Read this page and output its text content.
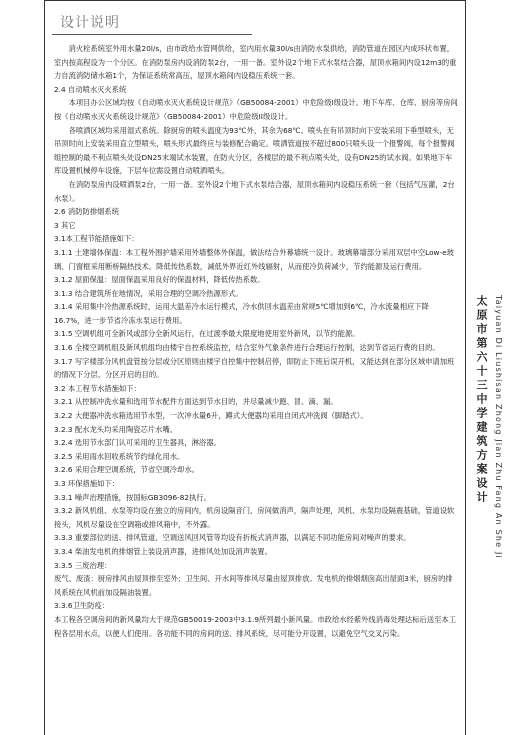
设计说明

消火栓系统室外用水量20l/s，由市政给水管网供给，室内用水量30l/s由消防水泵供给，消防管道在园区内成环状布置，室内按高程设为一个分区。在消防泵房内设消防泵2台，一用一备。室外设2个地下式水泵结合器，屋顶水箱间内设12m3的重力自流消防储水箱1个，为保证系统常高压，屋顶水箱间内设稳压系统一套。

2.4 自动喷水灭火系统

本项目办公区域均按《自动喷水灭火系统设计规范》（GB50084-2001）中危险级I级设计。地下车库、仓库、厨房等房间按《自动喷水灭火系统设计规范》（GB50084-2001）中危险级II级设计。

各喷洒区域均采用湿式系统。除厨房的喷头温度为93℃外，其余为68℃。喷头在有吊顶时向下安装采用下垂型喷头，无吊顶时向上安装采用直立型喷头，喷头形式最终应与装修配合确定。喷洒管道按不超过800只喷头设一个报警阀，每个报警阀组控制的最不利点喷头处设DN25末端试水装置，在防火分区，各楼层的最不利点喷头处，设有DN25的试水阀。如果地下车库设置机械停车设施，下层车位需设置自动喷洒喷头。

在消防泵房内设喷洒泵2台，一用一备。室外设2个地下式水泵结合器，屋顶水箱间内设稳压系统一套（包括气压灌，2台水泵）。

2.6 消防防排烟系统

3 其它

3.1本工程节能措施如下：

3.1.1 土建墙体保温：本工程外围护墙采用外墙整体外保温，做法结合外幕墙统一设计。玻璃幕墙部分采用双层中空Low-e玻璃、门窗框采用断桥隔热技术。降低传热系数，减低外界近红外线辐射，从而使冷负荷减少，节约能源及运行费用。

3.1.2 屋面保温：屋面保温采用良好的保温材料，降低传热系数。

3.1.3 结合建筑所在地情况，采用合理的空调冷热源形式。

3.1.4 采用集中冷热源系统时，运用大温差冷水运行模式，冷水供回水温差由常规5℃增加到6℃，冷水流量相应下降16.7%，进一步节省冷冻水泵运行费用。

3.1.5 空调机组可全新风或部分全新风运行，在过渡季最大限度地使用室外新风，以节约能源。

3.1.6 全楼空调机组及新风机组均由楼宇自控系统监控，结合室外气象条件进行合理运行控制，达到节省运行费的目的。

3.1.7 写字楼部分风机盘管按分层或分区原则由楼宇自控集中控制启停，即防止下班后误开机，又能达到在部分区域申请加班的情况下分层、分区开启的目的。

3.2 本工程节水措施如下：

3.2.1 从控制冲洗水量和选用节水配件方面达到节水目的，并尽量减少跑、冒、滴、漏。

3.2.2 大便器冲洗水箱选用节水型，一次冲水量6升，蹲式大便器均采用自闭式冲洗阀（脚踏式）。

3.2.3 配水龙头均采用陶瓷芯片水嘴。

3.2.4 选用节水部门认可采用的卫生器具，淋浴器。

3.2.5 采用雨水回收系统节约绿化用水。

3.2.6 采用合理空调系统，节省空调冷却水。

3.3 环保措施如下：

3.3.1 噪声治理措施，按国标GB3096-82执行。

3.3.2 新风机组、水泵等均设在独立的房间内，机房设隔音门，房间做消声，隔声处理，风机、水泵均设隔震基础，管道设软接头，风机尽量设在空调箱或排风箱中，不外露。

3.3.3 重要部位的送、排风管道、空调送风回风管等均设有折板式消声器，以满足不同功能房间对噪声的要求。

3.3.4 柴油发电机的排烟管上装设消声器，进排风处加设消声装置。

3.3.5 三废治理：

废气、废渣：厨房排风由屋顶排至室外；卫生间、开水间等排风尽量由屋顶排放。发电机的排烟烟囱高出屋面3米，厨房的排风系统在风机前加设隔油装置。

3.3.6卫生防疫：

本工程各空调房间的新风量均大于规范GB50019-2003中3.1.9所列最小新风量。市政给水经紫外线消毒处理达标后送至本工程各层用水点，以便人们使用。各功能不同的房间的送、排风系统，尽可能分开设置，以避免空气交叉污染。

太原市第六十三中学建筑方案设计 Taiyuan Di Liushisan Zhong Jian Zhu Fang An She Ji
